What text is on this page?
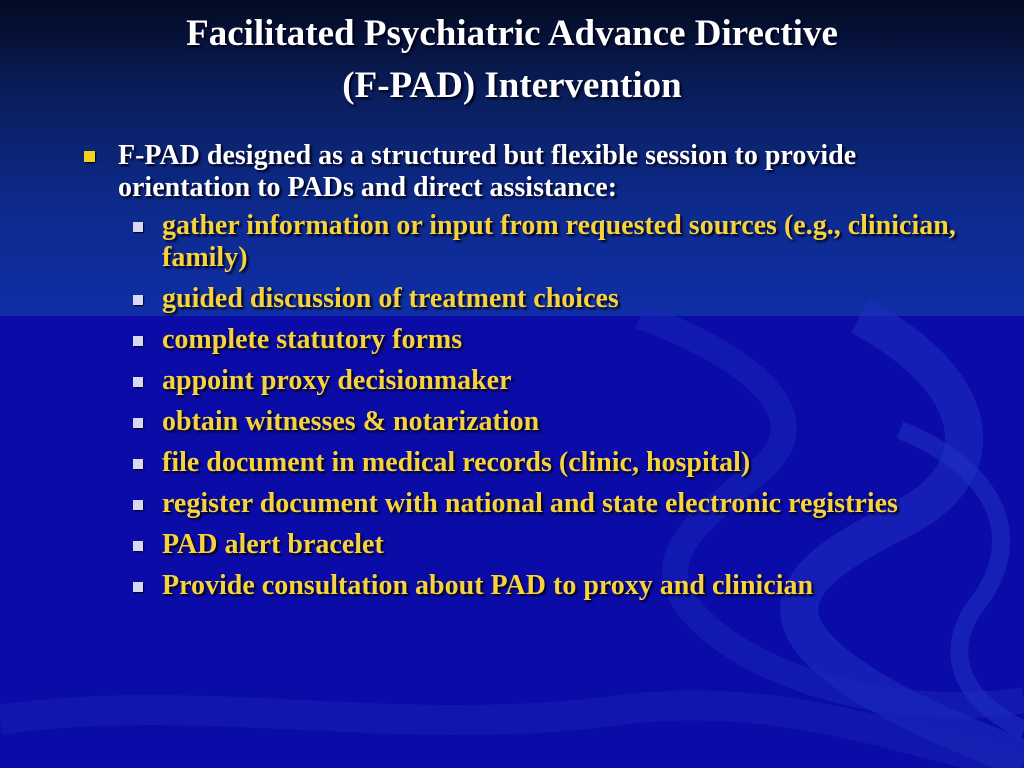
Facilitated Psychiatric Advance Directive
(F-PAD) Intervention
F-PAD designed as a structured but flexible session to provide orientation to PADs and direct assistance:
gather information or input from requested sources (e.g., clinician, family)
guided discussion of treatment choices
complete statutory forms
appoint proxy decisionmaker
obtain witnesses & notarization
file document in medical records (clinic, hospital)
register document with national and state electronic registries
PAD alert bracelet
Provide consultation about PAD to proxy and clinician
